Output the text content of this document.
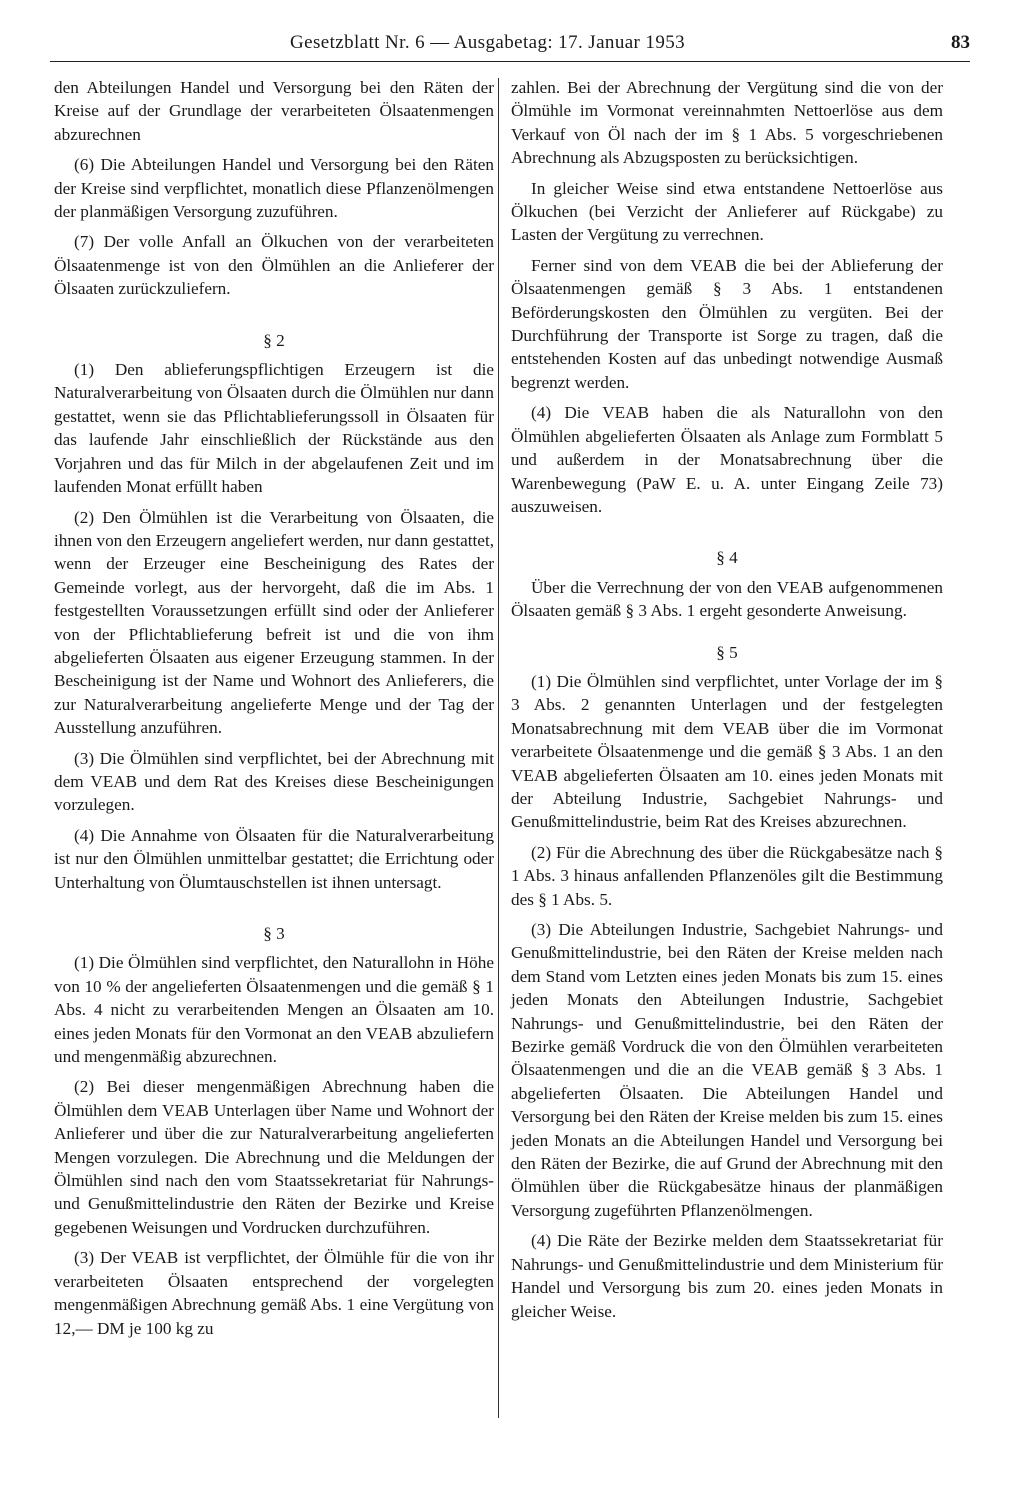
Gesetzblatt Nr. 6 — Ausgabetag: 17. Januar 1953	83

den Abteilungen Handel und Versorgung bei den Räten der Kreise auf der Grundlage der verarbeiteten Ölsaatenmengen abzurechnen

(6) Die Abteilungen Handel und Versorgung bei den Räten der Kreise sind verpflichtet, monatlich diese Pflanzenölmengen der planmäßigen Versorgung zuzuführen.

(7) Der volle Anfall an Ölkuchen von der verarbeiteten Ölsaatenmenge ist von den Ölmühlen an die Anlieferer der Ölsaaten zurückzuliefern.

§ 2

(1) Den ablieferungspflichtigen Erzeugern ist die Naturalverarbeitung von Ölsaaten durch die Ölmühlen nur dann gestattet, wenn sie das Pflichtablieferungssoll in Ölsaaten für das laufende Jahr einschließlich der Rückstände aus den Vorjahren und das für Milch in der abgelaufenen Zeit und im laufenden Monat erfüllt haben

(2) Den Ölmühlen ist die Verarbeitung von Ölsaaten, die ihnen von den Erzeugern angeliefert werden, nur dann gestattet, wenn der Erzeuger eine Bescheinigung des Rates der Gemeinde vorlegt, aus der hervorgeht, daß die im Abs. 1 festgestellten Voraussetzungen erfüllt sind oder der Anlieferer von der Pflichtablieferung befreit ist und die von ihm abgelieferten Ölsaaten aus eigener Erzeugung stammen. In der Bescheinigung ist der Name und Wohnort des Anlieferers, die zur Naturalverarbeitung angelieferte Menge und der Tag der Ausstellung anzuführen.

(3) Die Ölmühlen sind verpflichtet, bei der Abrechnung mit dem VEAB und dem Rat des Kreises diese Bescheinigungen vorzulegen.

(4) Die Annahme von Ölsaaten für die Naturalverarbeitung ist nur den Ölmühlen unmittelbar gestattet; die Errichtung oder Unterhaltung von Ölumtauschstellen ist ihnen untersagt.

§ 3

(1) Die Ölmühlen sind verpflichtet, den Naturallohn in Höhe von 10 % der angelieferten Ölsaatenmengen und die gemäß § 1 Abs. 4 nicht zu verarbeitenden Mengen an Ölsaaten am 10. eines jeden Monats für den Vormonat an den VEAB abzuliefern und mengenmäßig abzurechnen.

(2) Bei dieser mengenmäßigen Abrechnung haben die Ölmühlen dem VEAB Unterlagen über Name und Wohnort der Anlieferer und über die zur Naturalverarbeitung angelieferten Mengen vorzulegen. Die Abrechnung und die Meldungen der Ölmühlen sind nach den vom Staatssekretariat für Nahrungs- und Genußmittelindustrie den Räten der Bezirke und Kreise gegebenen Weisungen und Vordrucken durchzuführen.

(3) Der VEAB ist verpflichtet, der Ölmühle für die von ihr verarbeiteten Ölsaaten entsprechend der vorgelegten mengenmäßigen Abrechnung gemäß Abs. 1 eine Vergütung von 12,— DM je 100 kg zu

zahlen. Bei der Abrechnung der Vergütung sind die von der Ölmühle im Vormonat vereinnahmten Nettoerlöse aus dem Verkauf von Öl nach der im § 1 Abs. 5 vorgeschriebenen Abrechnung als Abzugsposten zu berücksichtigen.

In gleicher Weise sind etwa entstandene Nettoerlöse aus Ölkuchen (bei Verzicht der Anlieferer auf Rückgabe) zu Lasten der Vergütung zu verrechnen.

Ferner sind von dem VEAB die bei der Ablieferung der Ölsaatenmengen gemäß § 3 Abs. 1 entstandenen Beförderungskosten den Ölmühlen zu vergüten. Bei der Durchführung der Transporte ist Sorge zu tragen, daß die entstehenden Kosten auf das unbedingt notwendige Ausmaß begrenzt werden.

(4) Die VEAB haben die als Naturallohn von den Ölmühlen abgelieferten Ölsaaten als Anlage zum Formblatt 5 und außerdem in der Monatsabrechnung über die Warenbewegung (PaW E. u. A. unter Eingang Zeile 73) auszuweisen.

§ 4

Über die Verrechnung der von den VEAB aufgenommenen Ölsaaten gemäß § 3 Abs. 1 ergeht gesonderte Anweisung.

§ 5

(1) Die Ölmühlen sind verpflichtet, unter Vorlage der im § 3 Abs. 2 genannten Unterlagen und der festgelegten Monatsabrechnung mit dem VEAB über die im Vormonat verarbeitete Ölsaatenmenge und die gemäß § 3 Abs. 1 an den VEAB abgelieferten Ölsaaten am 10. eines jeden Monats mit der Abteilung Industrie, Sachgebiet Nahrungs- und Genußmittelindustrie, beim Rat des Kreises abzurechnen.

(2) Für die Abrechnung des über die Rückgabesätze nach § 1 Abs. 3 hinaus anfallenden Pflanzenöles gilt die Bestimmung des § 1 Abs. 5.

(3) Die Abteilungen Industrie, Sachgebiet Nahrungs- und Genußmittelindustrie, bei den Räten der Kreise melden nach dem Stand vom Letzten eines jeden Monats bis zum 15. eines jeden Monats den Abteilungen Industrie, Sachgebiet Nahrungs- und Genußmittelindustrie, bei den Räten der Bezirke gemäß Vordruck die von den Ölmühlen verarbeiteten Ölsaatenmengen und die an die VEAB gemäß § 3 Abs. 1 abgelieferten Ölsaaten. Die Abteilungen Handel und Versorgung bei den Räten der Kreise melden bis zum 15. eines jeden Monats an die Abteilungen Handel und Versorgung bei den Räten der Bezirke, die auf Grund der Abrechnung mit den Ölmühlen über die Rückgabesätze hinaus der planmäßigen Versorgung zugeführten Pflanzenölmengen.

(4) Die Räte der Bezirke melden dem Staatssekretariat für Nahrungs- und Genußmittelindustrie und dem Ministerium für Handel und Versorgung bis zum 20. eines jeden Monats in gleicher Weise.
